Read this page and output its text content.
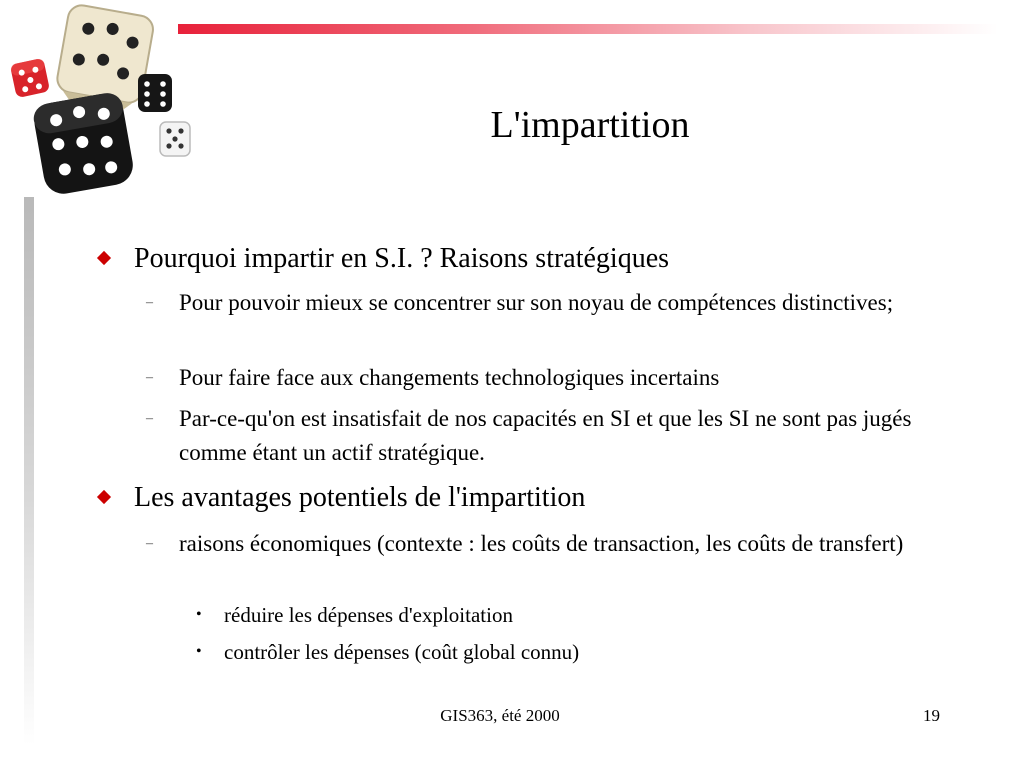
L'impartition
Pourquoi impartir en S.I. ? Raisons stratégiques
– Pour pouvoir mieux se concentrer sur son noyau de compétences distinctives;
– Pour faire face aux changements technologiques incertains
– Par-ce-qu'on est insatisfait de nos capacités en SI et que les SI ne sont pas jugés comme étant un actif stratégique.
Les avantages potentiels de l'impartition
– raisons économiques (contexte : les coûts de transaction, les coûts de transfert)
• réduire les dépenses d'exploitation
• contrôler les dépenses (coût global connu)
GIS363, été 2000	19
